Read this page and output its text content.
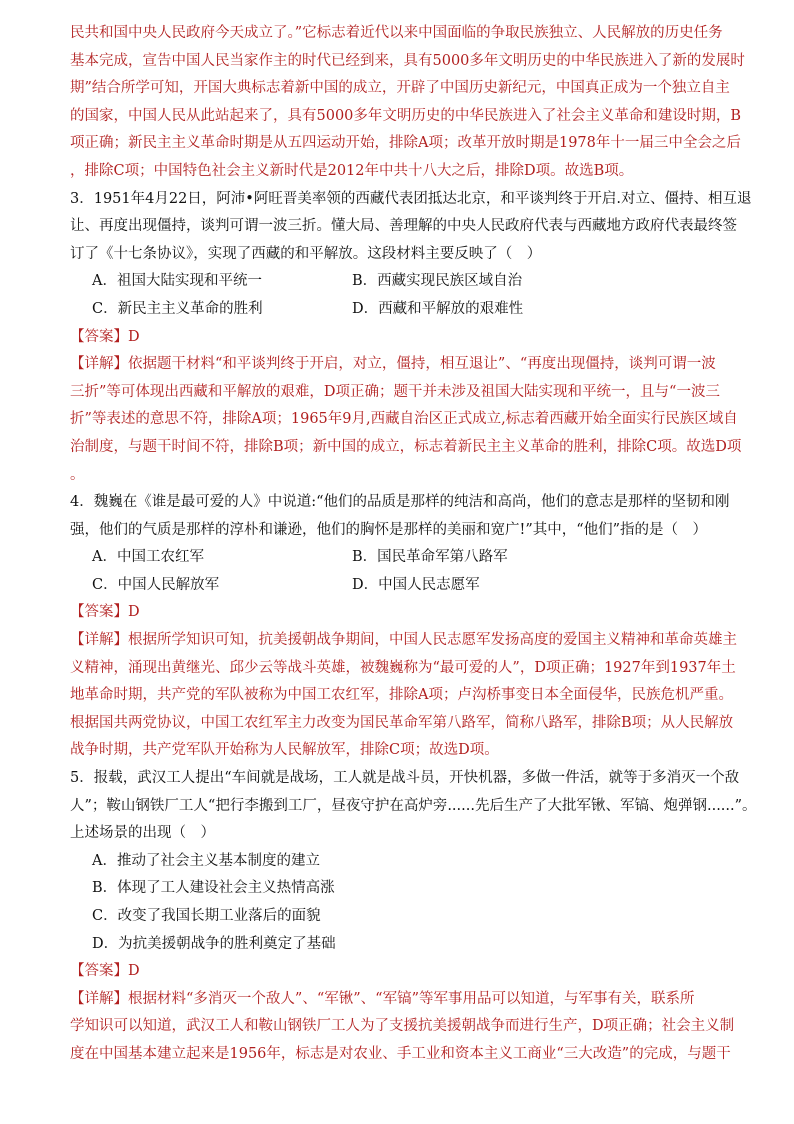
民共和国中央人民政府今天成立了。”它标志着近代以来中国面临的争取民族独立、人民解放的历史任务
基本完成，宣告中国人民当家作主的时代已经到来，具有5000多年文明历史的中华民族进入了新的发展时
期”结合所学可知，开国大典标志着新中国的成立，开辟了中国历史新纪元，中国真正成为一个独立自主
的国家，中国人民从此站起来了，具有5000多年文明历史的中华民族进入了社会主义革命和建设时期，B
项正确；新民主主义革命时期是从五四运动开始，排除A项；改革开放时期是1978年十一届三中全会之后
，排除C项；中国特色社会主义新时代是2012年中共十八大之后，排除D项。故选B项。
3．1951年4月22日，阿沛•阿旺晋美率领的西藏代表团抵达北京，和平谈判终于开启.对立、僵持、相互退
让、再度出现僵持，谈判可谓一波三折。懂大局、善理解的中央人民政府代表与西藏地方政府代表最终签
订了《十七条协议》，实现了西藏的和平解放。这段材料主要反映了（　）
A．祖国大陆实现和平统一	B．西藏实现民族区域自治
C．新民主主义革命的胜利	D．西藏和平解放的艰难性
【答案】D
【详解】依据题干材料“和平谈判终于开启，对立，僵持，相互退让”、“再度出现僵持，谈判可谓一波
三折”等可体现出西藏和平解放的艰难，D项正确；题干并未涉及祖国大陆实现和平统一，且与“一波三
折”等表述的意思不符，排除A项；1965年9月,西藏自治区正式成立,标志着西藏开始全面实行民族区域自
治制度，与题干时间不符，排除B项；新中国的成立，标志着新民主主义革命的胜利，排除C项。故选D项
。
4．魏巍在《谁是最可爱的人》中说道:“他们的品质是那样的纯洁和高尚，他们的意志是那样的坚韧和刚
强，他们的气质是那样的淳朴和谦逊，他们的胸怀是那样的美丽和宽广!”其中，“他们”指的是（　）
A．中国工农红军	B．国民革命军第八路军
C．中国人民解放军	D．中国人民志愿军
【答案】D
【详解】根据所学知识可知，抗美援朝战争期间，中国人民志愿军发扬高度的爱国主义精神和革命英雄主
义精神，涌现出黄继光、邱少云等战斗英雄，被魏巍称为“最可爱的人”，D项正确；1927年到1937年土
地革命时期，共产党的军队被称为中国工农红军，排除A项；卢沟桥事变日本全面侵华，民族危机严重。
根据国共两党协议，中国工农红军主力改变为国民革命军第八路军，简称八路军，排除B项；从人民解放
战争时期，共产党军队开始称为人民解放军，排除C项；故选D项。
5．报载，武汉工人提出“车间就是战场，工人就是战斗员，开快机器，多做一件活，就等于多消灭一个敌
人”；鞍山钢铁厂工人“把行李搬到工厂，昼夜守护在高炉旁......先后生产了大批军锹、军镐、炮弹钢......”。
上述场景的出现（　）
A．推动了社会主义基本制度的建立
B．体现了工人建设社会主义热情高涨
C．改变了我国长期工业落后的面貌
D．为抗美援朝战争的胜利奠定了基础
【答案】D
【详解】根据材料“多消灭一个敌人”、“军锹”、“军镐”等军事用品可以知道，与军事有关，联系所
学知识可以知道，武汉工人和鞍山钢铁厂工人为了支援抗美援朝战争而进行生产，D项正确；社会主义制
度在中国基本建立起来是1956年，标志是对农业、手工业和资本主义工商业“三大改造”的完成，与题干
